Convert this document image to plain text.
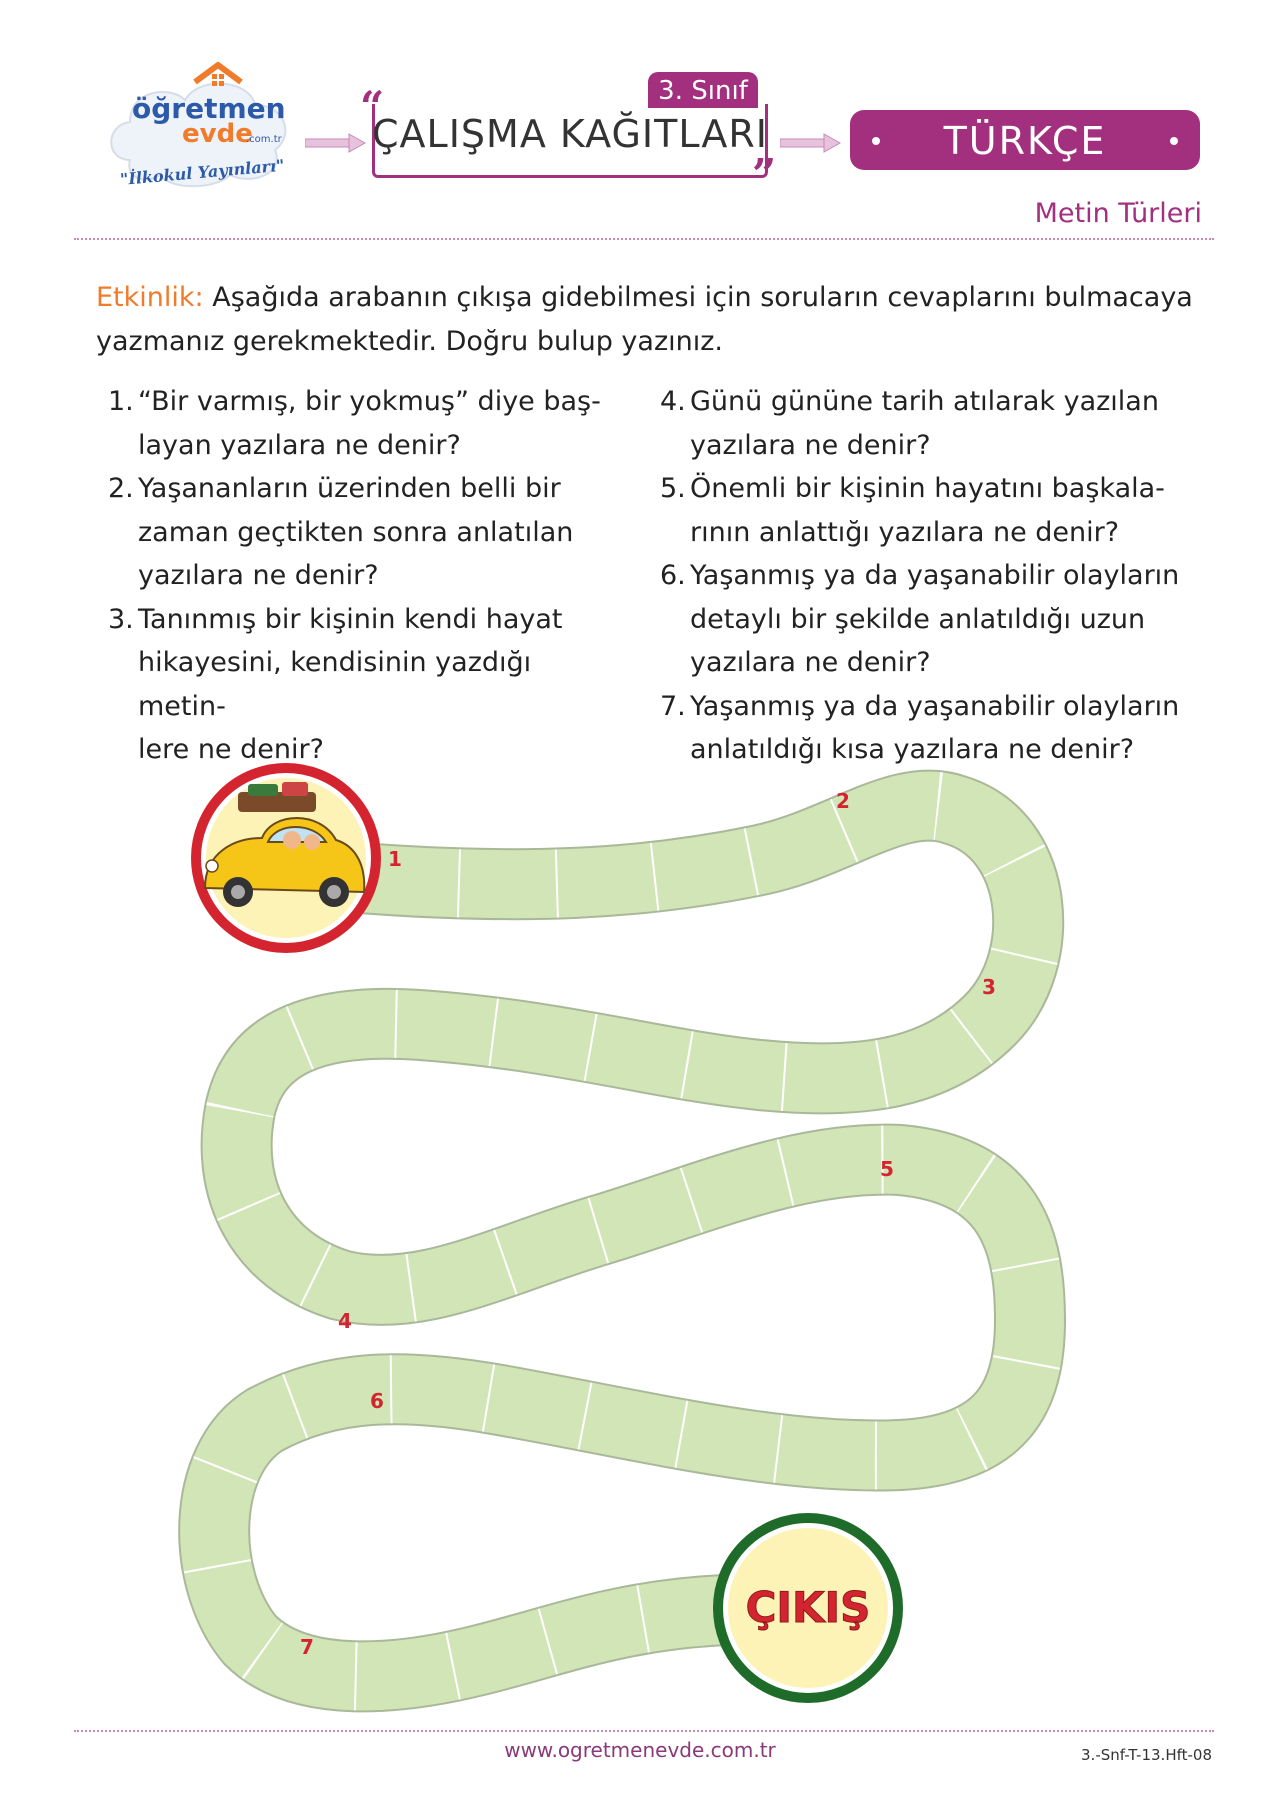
öğretmen
evde
.com.tr
"İlkokul Yayınları"
3. Sınıf
“
ÇALIŞMA KAĞITLARI
”
TÜRKÇE
Metin Türleri
Etkinlik: Aşağıda arabanın çıkışa gidebilmesi için soruların cevaplarını bulmacaya
yazmanız gerekmektedir. Doğru bulup yazınız.
1. “Bir varmış, bir yokmuş” diye baş-
layan yazılara ne denir?
2. Yaşananların üzerinden belli bir
zaman geçtikten sonra anlatılan
yazılara ne denir?
3. Tanınmış bir kişinin kendi hayat
hikayesini, kendisinin yazdığı metin-
lere ne denir?
4. Günü gününe tarih atılarak yazılan
yazılara ne denir?
5. Önemli bir kişinin hayatını başkala-
rının anlattığı yazılara ne denir?
6. Yaşanmış ya da yaşanabilir olayların
detaylı bir şekilde anlatıldığı uzun
yazılara ne denir?
7. Yaşanmış ya da yaşanabilir olayların
anlatıldığı kısa yazılara ne denir?
ÇIKIŞ
1
2
3
4
5
6
7
www.ogretmenevde.com.tr	3.-Snf-T-13.Hft-08
